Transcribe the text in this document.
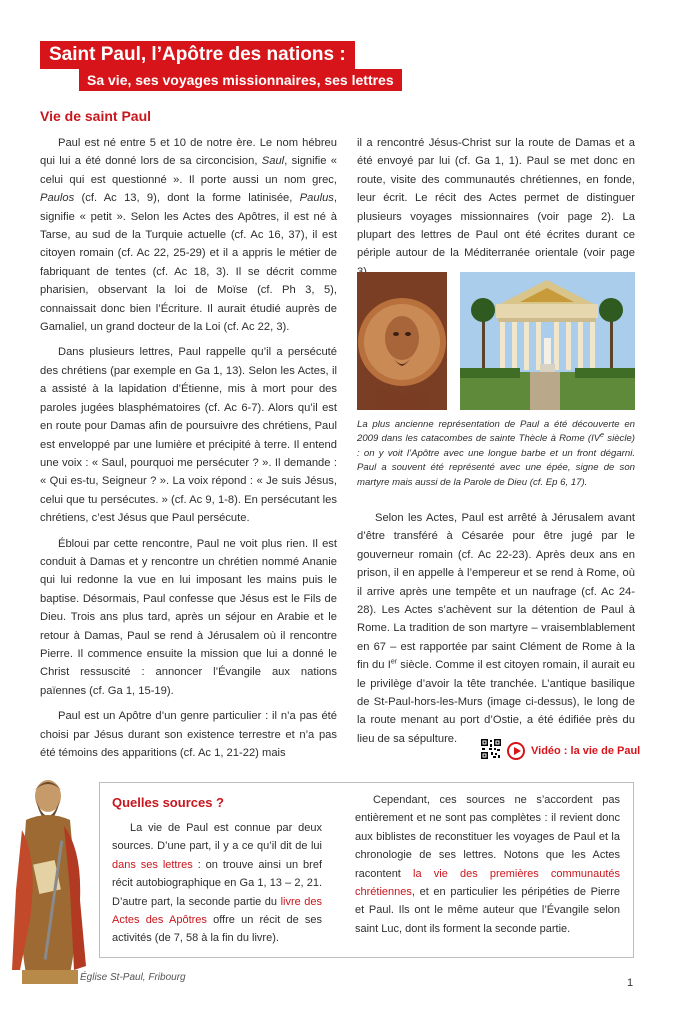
Saint Paul, l’Apôtre des nations :
Sa vie, ses voyages missionnaires, ses lettres
Vie de saint Paul

Paul est né entre 5 et 10 de notre ère. Le nom hébreu qui lui a été donné lors de sa circoncision, Saul, signifie « celui qui est questionné ». Il porte aussi un nom grec, Paulos (cf. Ac 13, 9), dont la forme latinisée, Paulus, signifie « petit ». Selon les Actes des Apôtres, il est né à Tarse, au sud de la Turquie actuelle (cf. Ac 16, 37), il est citoyen romain (cf. Ac 22, 25-29) et il a appris le métier de fabriquant de tentes (cf. Ac 18, 3). Il se décrit comme pharisien, observant la loi de Moïse (cf. Ph 3, 5), connaissait donc bien l’Écriture. Il aurait étudié auprès de Gamaliel, un grand docteur de la Loi (cf. Ac 22, 3).

Dans plusieurs lettres, Paul rappelle qu’il a persécuté des chrétiens (par exemple en Ga 1, 13). Selon les Actes, il a assisté à la lapidation d’Étienne, mis à mort pour des paroles jugées blasphématoires (cf. Ac 6-7). Alors qu’il est en route pour Damas afin de poursuivre des chrétiens, Paul est enveloppé par une lumière et précipité à terre. Il entend une voix : « Saul, pourquoi me persécuter ? ». Il demande : « Qui es-tu, Seigneur ? ». La voix répond : « Je suis Jésus, celui que tu persécutes. » (cf. Ac 9, 1-8). En persécutant les chrétiens, c’est Jésus que Paul persécute.

Ébloui par cette rencontre, Paul ne voit plus rien. Il est conduit à Damas et y rencontre un chrétien nommé Ananie qui lui redonne la vue en lui imposant les mains puis le baptise. Désormais, Paul confesse que Jésus est le Fils de Dieu. Trois ans plus tard, après un séjour en Arabie et le retour à Damas, Paul se rend à Jérusalem où il rencontre Pierre. Il commence ensuite la mission que lui a donné le Christ ressuscité : annoncer l’Évangile aux nations païennes (cf. Ga 1, 15-19).

Paul est un Apôtre d’un genre particulier : il n’a pas été choisi par Jésus durant son existence terrestre et n’a pas été témoins des apparitions (cf. Ac 1, 21-22) mais

il a rencontré Jésus-Christ sur la route de Damas et a été envoyé par lui (cf. Ga 1, 1). Paul se met donc en route, visite des communautés chrétiennes, en fonde, leur écrit. Le récit des Actes permet de distinguer plusieurs voyages missionnaires (voir page 2). La plupart des lettres de Paul ont été écrites durant ce périple autour de la Méditerranée orientale (voir page

La plus ancienne représentation de Paul a été découverte en 2009 dans les catacombes de sainte Thècle à Rome (IVe siècle) : on y voit l’Apôtre avec une longue barbe et un front dégarni. Paul a souvent été représenté avec une épée, signe de son martyre mais aussi de la Parole de Dieu (cf. Ep 6, 17).

Selon les Actes, Paul est arrêté à Jérusalem avant d’être transféré à Césarée pour être jugé par le gouverneur romain (cf. Ac 22-23). Après deux ans en prison, il en appelle à l’empereur et se rend à Rome, où il arrive après une tempête et un naufrage (cf. Ac 24-28). Les Actes s’achèvent sur la détention de Paul à Rome. La tradition de son martyre – vraisemblablement en 67 – est rapportée par saint Clément de Rome à la fin du Ier siècle. Comme il est citoyen romain, il aurait eu le privilège d’avoir la tête tranchée. L’antique basilique de St-Paul-hors-les-Murs (image ci-dessus), le long de la route menant au port d’Ostie, a été édifiée près du lieu de sa sépulture.

Vidéo : la vie de Paul
Quelles sources ?

La vie de Paul est connue par deux sources. D’une part, il y a ce qu’il dit de lui dans ses lettres : on trouve ainsi un bref récit autobiographique en Ga 1, 13 – 2, 21. D’autre part, la seconde partie du livre des Actes des Apôtres offre un récit de ses activités (de 7, 58 à la fin du livre).

Cependant, ces sources ne s’accordent pas entièrement et ne sont pas complètes : il revient donc aux biblistes de reconstituer les voyages de Paul et la chronologie de ses lettres. Notons que les Actes racontent la vie des premières communautés chrétiennes, et en particulier les péripéties de Pierre et Paul. Ils ont le même auteur que l’Évangile selon saint Luc, dont ils forment la seconde partie.

Église St-Paul, Fribourg	1
